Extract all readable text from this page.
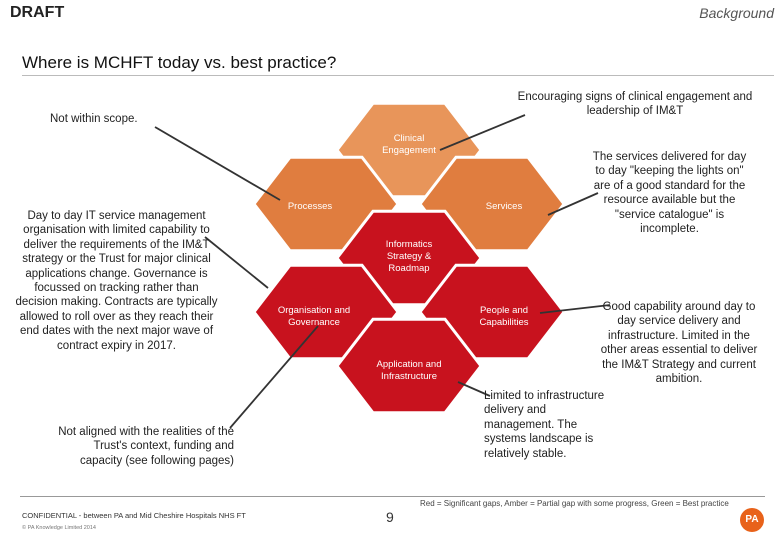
DRAFT	Background
Where is MCHFT today vs. best practice?
Clinical Engagement
Processes	Services
Informatics Strategy & Roadmap
Organisation and Governance
People and Capabilities
Application and Infrastructure
Encouraging signs of clinical engagement and leadership of IM&T
Not within scope.
Day to day IT service management organisation with limited capability to deliver the requirements of the IM&T strategy or the Trust for major clinical applications change. Governance is focussed on tracking rather than decision making. Contracts are typically allowed to roll over as they reach their end dates with the next major wave of contract expiry in 2017.
The services delivered for day to day "keeping the lights on" are of a good standard for the resource available but the "service catalogue" is incomplete.
Good capability around day to day service delivery and infrastructure. Limited in the other areas essential to deliver the IM&T Strategy and current ambition.
Limited to infrastructure delivery and management. The systems landscape is relatively stable.
Not aligned with the realities of the Trust's context, funding and capacity (see following pages)
Red = Significant gaps, Amber = Partial gap with some progress, Green = Best practice
CONFIDENTIAL - between PA and Mid Cheshire Hospitals NHS FT
© PA Knowledge Limited 2014
9	PA
